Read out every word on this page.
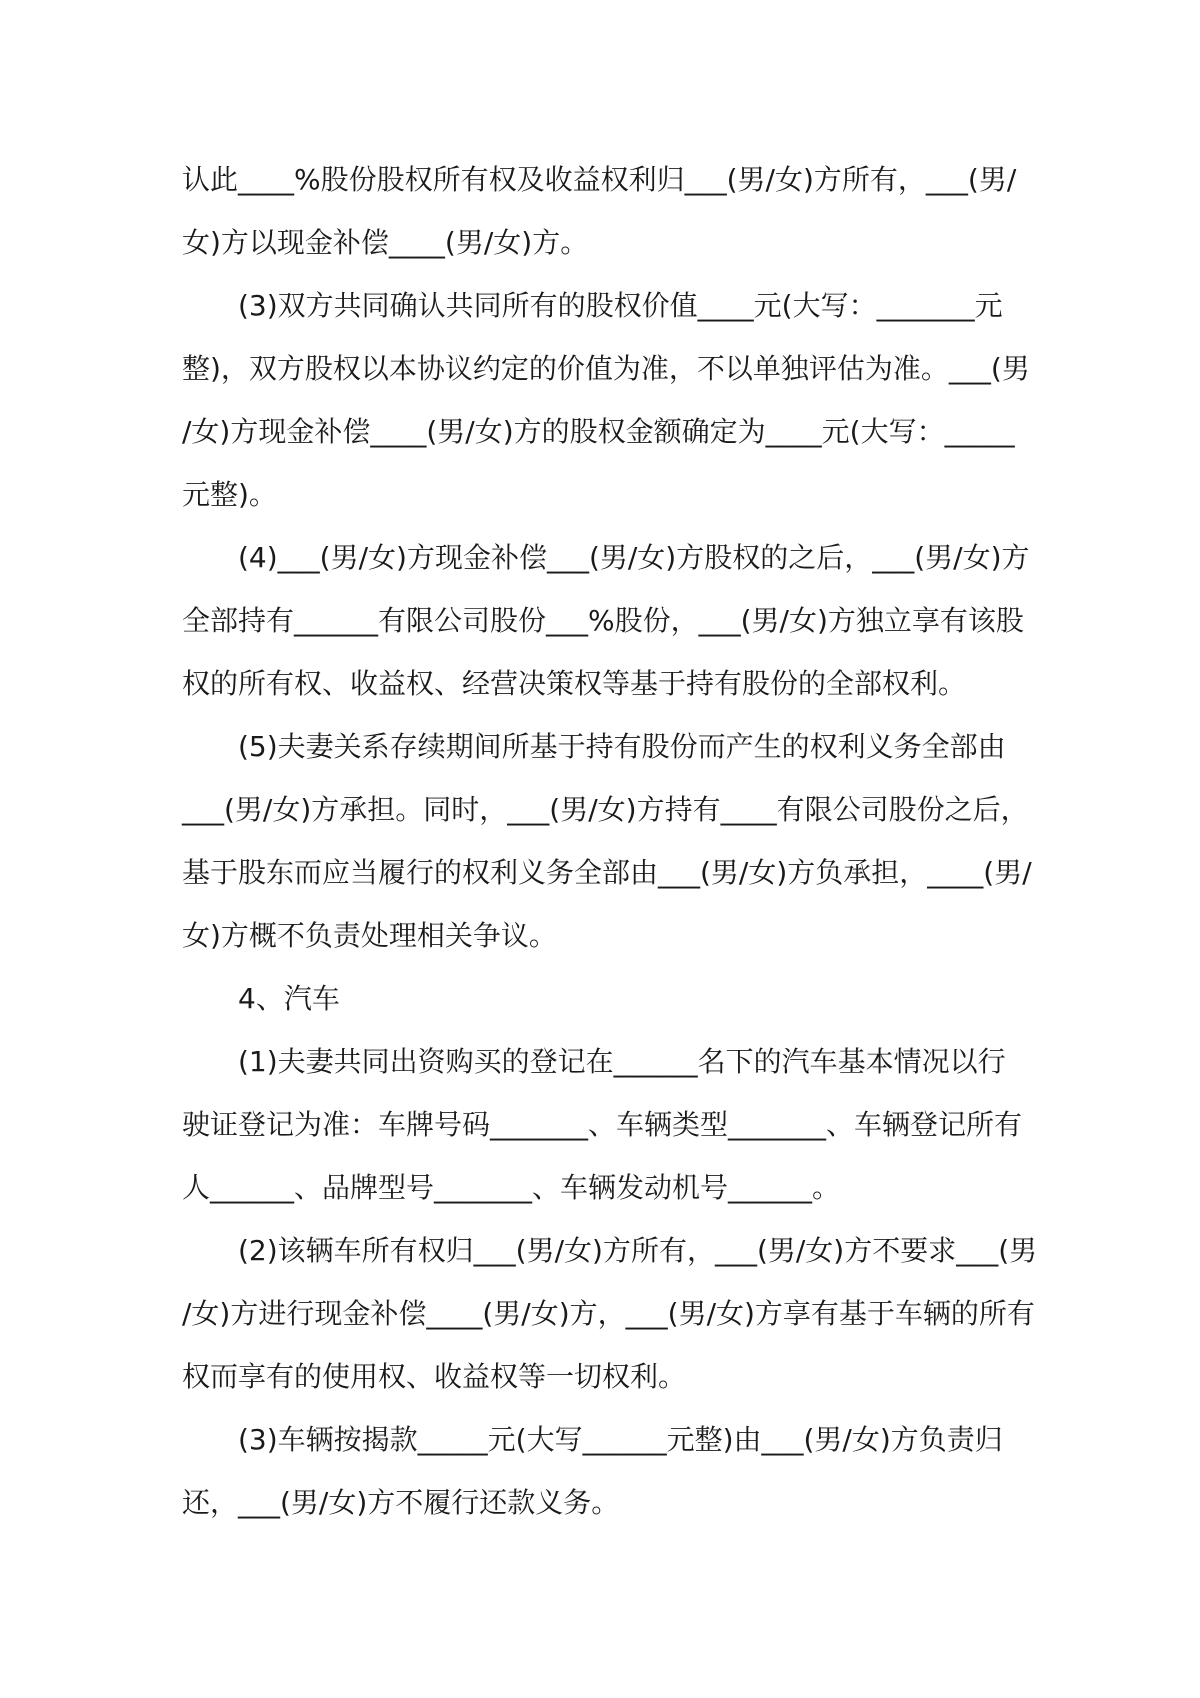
认此____%股份股权所有权及收益权利归___(男/女)方所有，___(男/
女)方以现金补偿____(男/女)方。
(3)双方共同确认共同所有的股权价值____元(大写：_______元
整)，双方股权以本协议约定的价值为准，不以单独评估为准。___(男
/女)方现金补偿____(男/女)方的股权金额确定为____元(大写：_____
元整)。
(4)___(男/女)方现金补偿___(男/女)方股权的之后，___(男/女)方
全部持有______有限公司股份___%股份，___(男/女)方独立享有该股
权的所有权、收益权、经营决策权等基于持有股份的全部权利。
(5)夫妻关系存续期间所基于持有股份而产生的权利义务全部由
___(男/女)方承担。同时，___(男/女)方持有____有限公司股份之后，
基于股东而应当履行的权利义务全部由___(男/女)方负承担，____(男/
女)方概不负责处理相关争议。
4、汽车
(1)夫妻共同出资购买的登记在______名下的汽车基本情况以行
驶证登记为准：车牌号码_______、车辆类型_______、车辆登记所有
人______、品牌型号_______、车辆发动机号______。
(2)该辆车所有权归___(男/女)方所有，___(男/女)方不要求___(男
/女)方进行现金补偿____(男/女)方，___(男/女)方享有基于车辆的所有
权而享有的使用权、收益权等一切权利。
(3)车辆按揭款_____元(大写______元整)由___(男/女)方负责归
还，___(男/女)方不履行还款义务。
